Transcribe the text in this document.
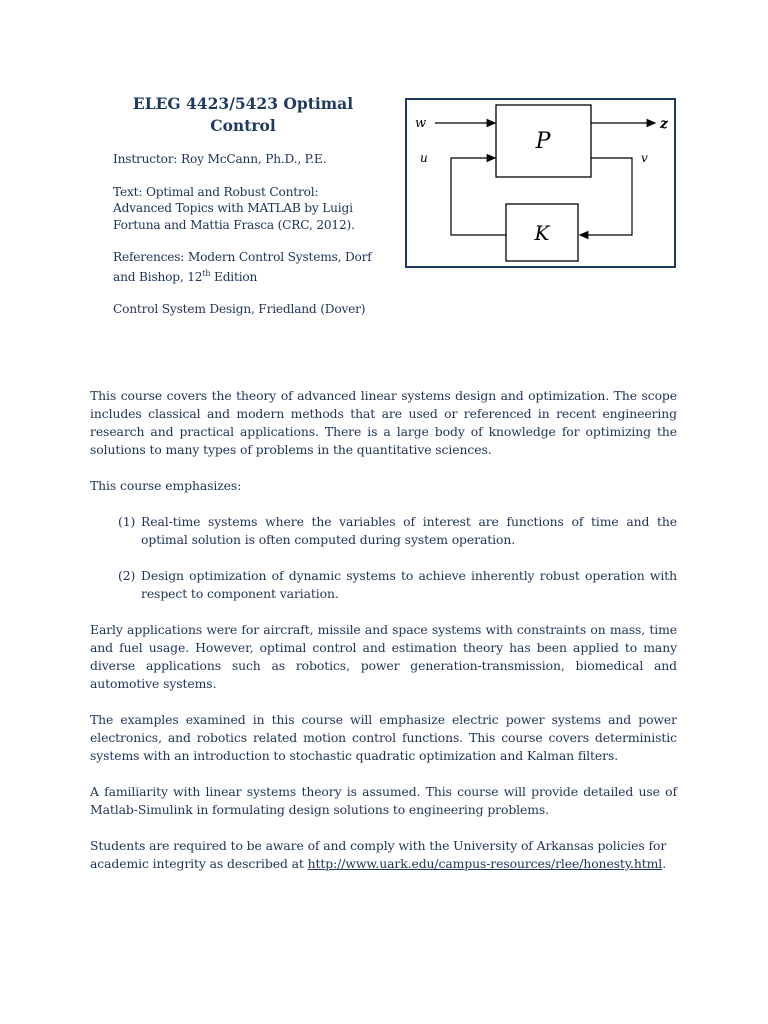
ELEG 4423/5423 Optimal Control
Instructor: Roy McCann, Ph.D., P.E.
Text: Optimal and Robust Control: Advanced Topics with MATLAB by Luigi Fortuna and Mattia Frasca (CRC, 2012).
References: Modern Control Systems, Dorf and Bishop, 12th Edition
Control System Design, Friedland (Dover)
P
K
w	z
v
u

This course covers the theory of advanced linear systems design and optimization. The scope includes classical and modern methods that are used or referenced in recent engineering research and practical applications. There is a large body of knowledge for optimizing the solutions to many types of problems in the quantitative sciences.

This course emphasizes:

(1) Real-time systems where the variables of interest are functions of time and the optimal solution is often computed during system operation.
(2) Design optimization of dynamic systems to achieve inherently robust operation with respect to component variation.

Early applications were for aircraft, missile and space systems with constraints on mass, time and fuel usage. However, optimal control and estimation theory has been applied to many diverse applications such as robotics, power generation-transmission, biomedical and automotive systems.

The examples examined in this course will emphasize electric power systems and power electronics, and robotics related motion control functions. This course covers deterministic systems with an introduction to stochastic quadratic optimization and Kalman filters.

A familiarity with linear systems theory is assumed. This course will provide detailed use of Matlab-Simulink in formulating design solutions to engineering problems.

Students are required to be aware of and comply with the University of Arkansas policies for academic integrity as described at http://www.uark.edu/campus-resources/rlee/honesty.html.
